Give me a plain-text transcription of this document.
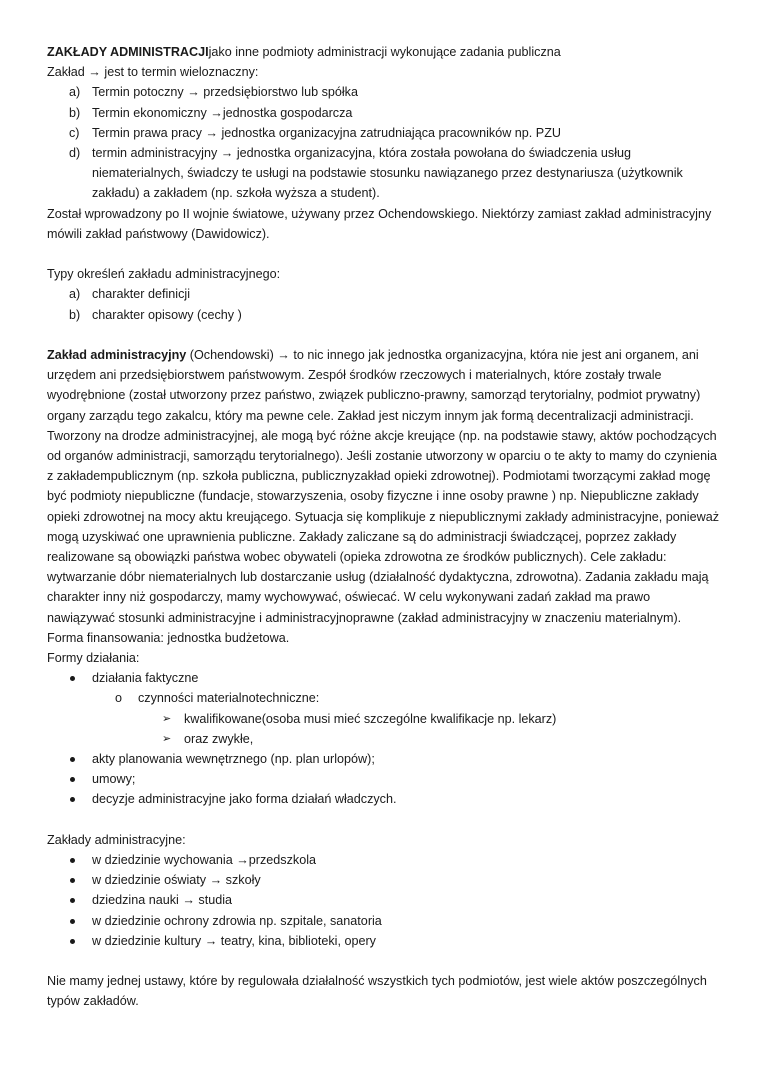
ZAKŁADY ADMINISTRACJIjako inne podmioty administracji wykonujące zadania publiczna
Zakład → jest to termin wieloznaczny:
a) Termin potoczny → przedsiębiorstwo lub spółka
b) Termin ekonomiczny →jednostka gospodarcza
c) Termin prawa pracy → jednostka organizacyjna zatrudniająca pracowników np. PZU
d) termin administracyjny → jednostka organizacyjna, która została powołana do świadczenia usług niematerialnych, świadczy te usługi na podstawie stosunku nawiązanego przez destynariusza (użytkownik zakładu) a zakładem (np. szkoła wyższa a student).
Został wprowadzony po II wojnie światowe, używany przez Ochendowskiego. Niektórzy zamiast zakład administracyjny mówili zakład państwowy (Dawidowicz).
Typy określeń zakładu administracyjnego:
a) charakter definicji
b) charakter opisowy (cechy )
Zakład administracyjny (Ochendowski) → to nic innego jak jednostka organizacyjna, która nie jest ani organem, ani urzędem ani przedsiębiorstwem państwowym. Zespół środków rzeczowych i materialnych, które zostały trwale wyodrębnione (został utworzony przez państwo, związek publiczno-prawny, samorząd terytorialny, podmiot prywatny) organy zarządu tego zakalcu, który ma pewne cele. Zakład jest niczym innym jak formą decentralizacji administracji. Tworzony na drodze administracyjnej, ale mogą być różne akcje kreujące (np. na podstawie stawy, aktów pochodzących od organów administracji, samorządu terytorialnego). Jeśli zostanie utworzony w oparciu o te akty to mamy do czynienia z zakładempublicznym (np. szkoła publiczna, publicznyzakład opieki zdrowotnej). Podmiotami tworzącymi zakład mogę być podmioty niepubliczne (fundacje, stowarzyszenia, osoby fizyczne i inne osoby prawne ) np. Niepubliczne zakłady opieki zdrowotnej na mocy aktu kreującego. Sytuacja się komplikuje z niepublicznymi zakłady administracyjne, ponieważ mogą uzyskiwać one uprawnienia publiczne. Zakłady zaliczane są do administracji świadczącej, poprzez zakłady realizowane są obowiązki państwa wobec obywateli (opieka zdrowotna ze środków publicznych). Cele zakładu: wytwarzanie dóbr niematerialnych lub dostarczanie usług (działalność dydaktyczna, zdrowotna). Zadania zakładu mają charakter inny niż gospodarczy, mamy wychowywać, oświecać. W celu wykonywani zadań zakład ma prawo nawiązywać stosunki administracyjne i administracyjnoprawne (zakład administracyjny w znaczeniu materialnym). Forma finansowania: jednostka budżetowa.
Formy działania:
działania faktyczne
o czynności materialnotechniczne:
➢ kwalifikowane(osoba musi mieć szczególne kwalifikacje np. lekarz)
➢ oraz zwykłe,
akty planowania wewnętrznego (np. plan urlopów);
umowy;
decyzje administracyjne jako forma działań władczych.
Zakłady administracyjne:
w dziedzinie wychowania →przedszkola
w dziedzinie oświaty → szkoły
dziedzina nauki → studia
w dziedzinie ochrony zdrowia np. szpitale, sanatoria
w dziedzinie kultury → teatry, kina, biblioteki, opery
Nie mamy jednej ustawy, które by regulowała działalność wszystkich tych podmiotów, jest wiele aktów poszczególnych typów zakładów.
